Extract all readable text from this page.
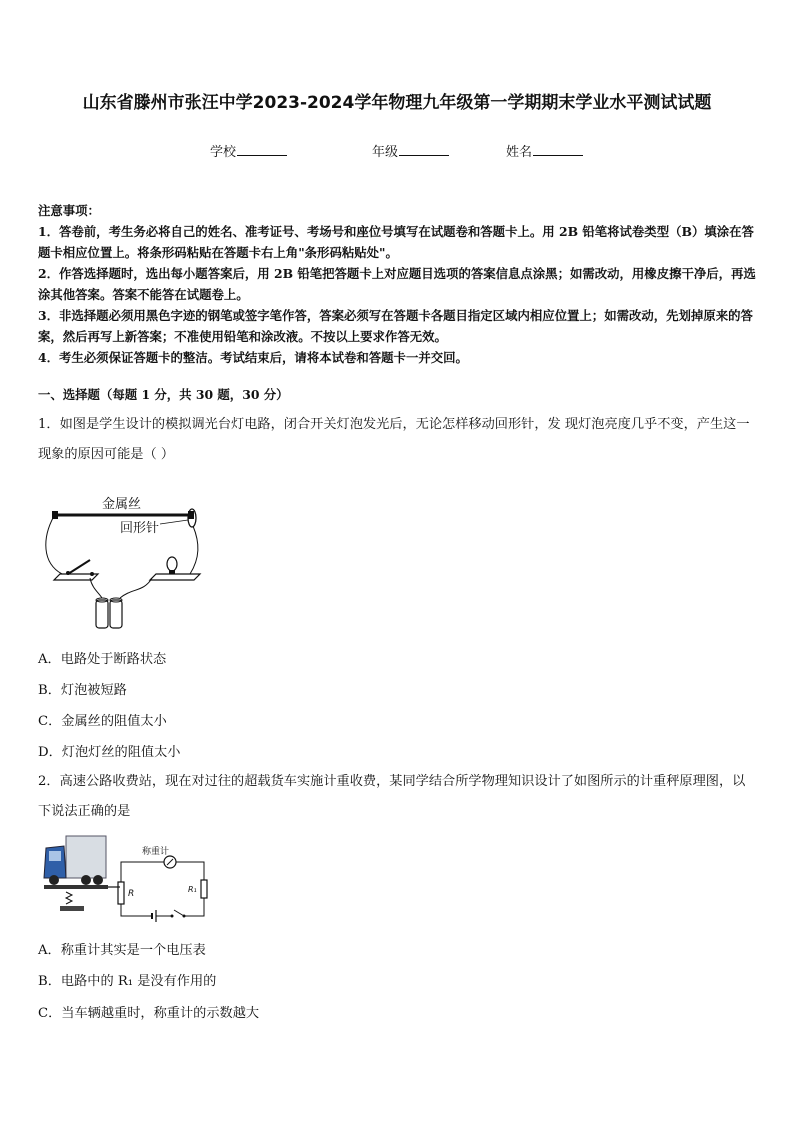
山东省滕州市张汪中学2023-2024学年物理九年级第一学期期末学业水平测试试题
学校	年级	姓名

注意事项：

1．答卷前，考生务必将自己的姓名、准考证号、考场号和座位号填写在试题卷和答题卡上。用 2B 铅笔将试卷类型（B）填涂在答题卡相应位置上。将条形码粘贴在答题卡右上角"条形码粘贴处"。

2．作答选择题时，选出每小题答案后，用 2B 铅笔把答题卡上对应题目选项的答案信息点涂黑；如需改动，用橡皮擦干净后，再选涂其他答案。答案不能答在试题卷上。

3．非选择题必须用黑色字迹的钢笔或签字笔作答，答案必须写在答题卡各题目指定区域内相应位置上；如需改动，先划掉原来的答案，然后再写上新答案；不准使用铅笔和涂改液。不按以上要求作答无效。

4．考生必须保证答题卡的整洁。考试结束后，请将本试卷和答题卡一并交回。

一、选择题（每题 1 分，共 30 题，30 分）
1．如图是学生设计的模拟调光台灯电路，闭合开关灯泡发光后，无论怎样移动回形针，发 现灯泡亮度几乎不变，产生这一现象的原因可能是（ ）
金属丝
回形针
A．电路处于断路状态
B．灯泡被短路
C．金属丝的阻值太小
D．灯泡灯丝的阻值太小
2．高速公路收费站，现在对过往的超载货车实施计重收费，某同学结合所学物理知识设计了如图所示的计重秤原理图，以下说法正确的是
R
称重计
R₁
A．称重计其实是一个电压表
B．电路中的 R₁ 是没有作用的
C．当车辆越重时，称重计的示数越大
